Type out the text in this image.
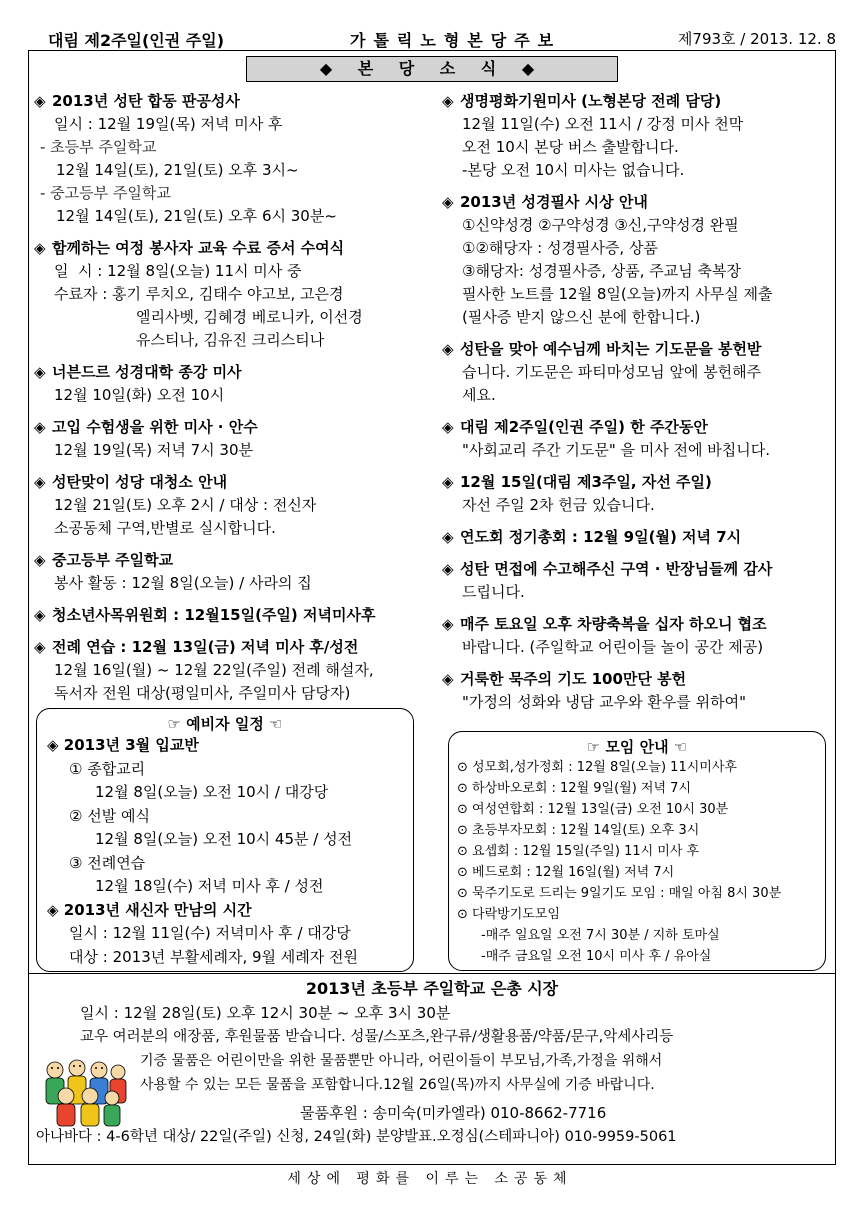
대림 제2주일(인권 주일)	가톨릭노형본당주보	제793호 / 2013. 12. 8
◆ 본 당 소 식 ◆
◈ 2013년 성탄 합동 판공성사
일시 : 12월 19일(목) 저녁 미사 후
- 초등부 주일학교
12월 14일(토), 21일(토) 오후 3시~
- 중고등부 주일학교
12월 14일(토), 21일(토) 오후 6시 30분~
◈ 함께하는 여정 봉사자 교육 수료 증서 수여식
일  시 : 12월 8일(오늘) 11시 미사 중
수료자 : 홍기 루치오, 김태수 야고보, 고은경
엘리사벳, 김혜경 베로니카, 이선경
유스티나, 김유진 크리스티나
◈ 너븐드르 성경대학 종강 미사
12월 10일(화) 오전 10시
◈ 고입 수험생을 위한 미사 · 안수
12월 19일(목) 저녁 7시 30분
◈ 성탄맞이 성당 대청소 안내
12월 21일(토) 오후 2시 / 대상 : 전신자
소공동체 구역,반별로 실시합니다.
◈ 중고등부 주일학교
봉사 활동 : 12월 8일(오늘) / 사라의 집
◈ 청소년사목위원회 : 12월15일(주일) 저녁미사후
◈ 전례 연습 : 12월 13일(금) 저녁 미사 후/성전
12월 16일(월) ~ 12월 22일(주일) 전례 해설자,
독서자 전원 대상(평일미사, 주일미사 담당자)
◈ 생명평화기원미사 (노형본당 전례 담당)
12월 11일(수) 오전 11시 / 강정 미사 천막
오전 10시 본당 버스 출발합니다.
-본당 오전 10시 미사는 없습니다.
◈ 2013년 성경필사 시상 안내
①신약성경 ②구약성경 ③신,구약성경 완필
①②해당자 : 성경필사증, 상품
③해당자: 성경필사증, 상품, 주교님 축복장
필사한 노트를 12월 8일(오늘)까지 사무실 제출
(필사증 받지 않으신 분에 한합니다.)
◈ 성탄을 맞아 예수님께 바치는 기도문을 봉헌받
습니다. 기도문은 파티마성모님 앞에 봉헌해주
세요.
◈ 대림 제2주일(인권 주일) 한 주간동안
"사회교리 주간 기도문" 을 미사 전에 바칩니다.
◈ 12월 15일(대림 제3주일, 자선 주일)
자선 주일 2차 헌금 있습니다.
◈ 연도회 정기총회 : 12월 9일(월) 저녁 7시
◈ 성탄 면접에 수고해주신 구역 · 반장님들께 감사
드립니다.
◈ 매주 토요일 오후 차량축복을 십자 하오니 협조
바랍니다. (주일학교 어린이들 놀이 공간 제공)
◈ 거룩한 묵주의 기도 100만단 봉헌
"가정의 성화와 냉담 교우와 환우를 위하여"
☞ 예비자 일정 ☜
◈ 2013년 3월 입교반
① 종합교리
12월 8일(오늘) 오전 10시 / 대강당
② 선발 예식
12월 8일(오늘) 오전 10시 45분 / 성전
③ 전례연습
12월 18일(수) 저녁 미사 후 / 성전
◈ 2013년 새신자 만남의 시간
일시 : 12월 11일(수) 저녁미사 후 / 대강당
대상 : 2013년 부활세례자, 9월 세례자 전원
☞ 모임 안내 ☜
⊙ 성모회,성가정회 : 12월 8일(오늘) 11시미사후
⊙ 하상바오로회 : 12월 9일(월) 저녁 7시
⊙ 여성연합회 : 12월 13일(금) 오전 10시 30분
⊙ 초등부자모회 : 12월 14일(토) 오후 3시
⊙ 요셉회 : 12월 15일(주일) 11시 미사 후
⊙ 베드로회 : 12월 16일(월) 저녁 7시
⊙ 묵주기도로 드리는 9일기도 모임 : 매일 아침 8시 30분
⊙ 다락방기도모임
-매주 일요일 오전 7시 30분 / 지하 토마실
-매주 금요일 오전 10시 미사 후 / 유아실
2013년 초등부 주일학교 은총 시장
일시 : 12월 28일(토) 오후 12시 30분 ~ 오후 3시 30분
교우 여러분의 애장품, 후원물품 받습니다. 성물/스포츠,완구류/생활용품/약품/문구,악세사리등
기증 물품은 어린이만을 위한 물품뿐만 아니라, 어린이들이 부모님,가족,가정을 위해서
사용할 수 있는 모든 물품을 포함합니다.12월 26일(목)까지 사무실에 기증 바랍니다.
물품후원 : 송미숙(미카엘라) 010-8662-7716
아나바다 : 4-6학년 대상/ 22일(주일) 신청, 24일(화) 분양발표.오정심(스테파니아) 010-9959-5061
세상에 평화를 이루는 소공동체
